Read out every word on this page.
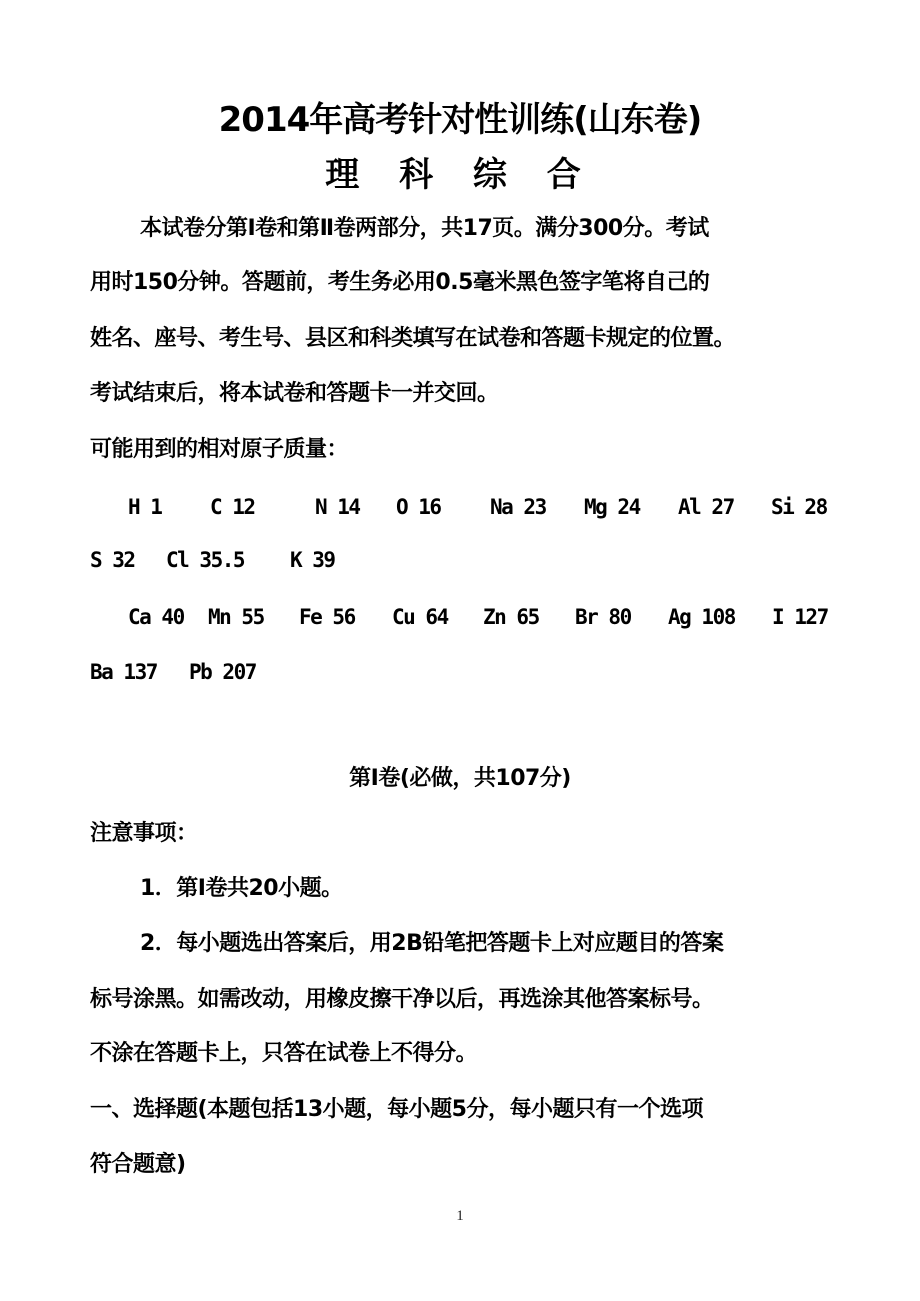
2014年高考针对性训练(山东卷)
理 科 综 合
本试卷分第Ⅰ卷和第Ⅱ卷两部分，共17页。满分300分。考试
用时150分钟。答题前，考生务必用0.5毫米黑色签字笔将自己的
姓名、座号、考生号、县区和科类填写在试卷和答题卡规定的位置。
考试结束后，将本试卷和答题卡一并交回。
可能用到的相对原子质量：
H 1 C 12	N 14 O 16 Na 23 Mg 24 Al 27 Si 28
S 32 Cl 35.5 K 39
Ca 40 Mn 55 Fe 56 Cu 64 Zn 65 Br 80 Ag 108 I 127
Ba 137 Pb 207
第Ⅰ卷(必做，共107分)
注意事项：
1．第Ⅰ卷共20小题。
2．每小题选出答案后，用2B铅笔把答题卡上对应题目的答案
标号涂黑。如需改动，用橡皮擦干净以后，再选涂其他答案标号。
不涂在答题卡上，只答在试卷上不得分。
一、选择题(本题包括13小题，每小题5分，每小题只有一个选项
符合题意)
1
